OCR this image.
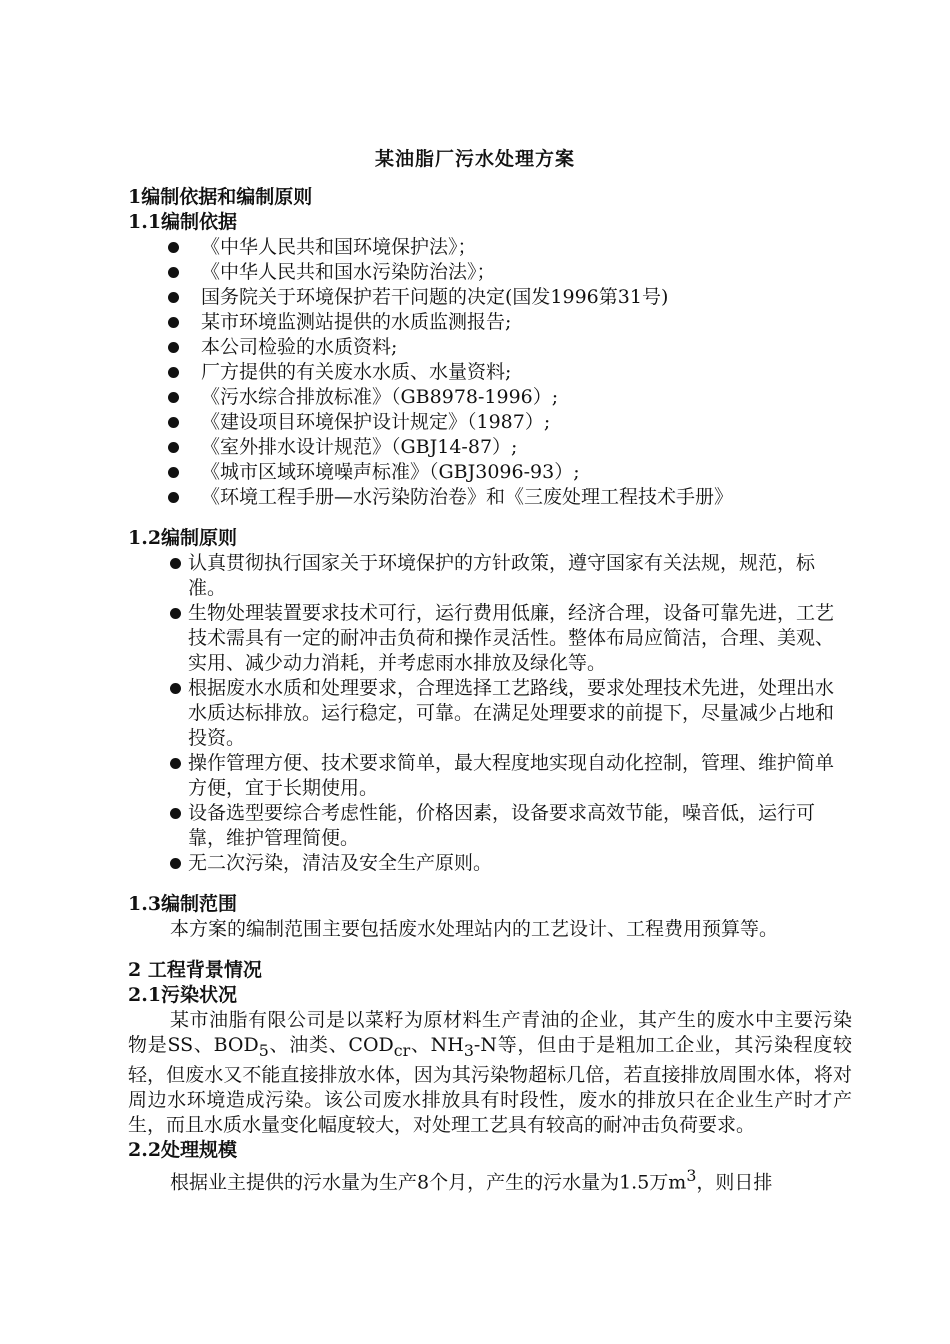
某油脂厂污水处理方案
1编制依据和编制原则
1.1编制依据
《中华人民共和国环境保护法》；
《中华人民共和国水污染防治法》；
国务院关于环境保护若干问题的决定(国发1996第31号)
某市环境监测站提供的水质监测报告;
本公司检验的水质资料;
厂方提供的有关废水水质、水量资料;
《污水综合排放标准》（GB8978-1996）;
《建设项目环境保护设计规定》（1987）;
《室外排水设计规范》（GBJ14-87）;
《城市区域环境噪声标准》（GBJ3096-93）;
《环境工程手册—水污染防治卷》和《三废处理工程技术手册》
1.2编制原则
认真贯彻执行国家关于环境保护的方针政策，遵守国家有关法规，规范，标准。
生物处理装置要求技术可行，运行费用低廉，经济合理，设备可靠先进，工艺技术需具有一定的耐冲击负荷和操作灵活性。整体布局应简洁，合理、美观、实用、减少动力消耗，并考虑雨水排放及绿化等。
根据废水水质和处理要求，合理选择工艺路线，要求处理技术先进，处理出水水质达标排放。运行稳定，可靠。在满足处理要求的前提下，尽量减少占地和投资。
操作管理方便、技术要求简单，最大程度地实现自动化控制，管理、维护简单方便，宜于长期使用。
设备选型要综合考虑性能，价格因素，设备要求高效节能，噪音低，运行可靠，维护管理简便。
无二次污染，清洁及安全生产原则。
1.3编制范围

本方案的编制范围主要包括废水处理站内的工艺设计、工程费用预算等。

2 工程背景情况
2.1污染状况

某市油脂有限公司是以菜籽为原材料生产青油的企业，其产生的废水中主要污染物是SS、$BOD_5$、油类、$COD_{cr}$、$NH_3-N$等，但由于是粗加工企业，其污染程度较轻，但废水又不能直接排放水体，因为其污染物超标几倍，若直接排放周围水体，将对周边水环境造成污染。该公司废水排放具有时段性，废水的排放只在企业生产时才产生，而且水质水量变化幅度较大，对处理工艺具有较高的耐冲击负荷要求。

2.2处理规模

根据业主提供的污水量为生产8个月，产生的污水量为1.5万$m^3$，则日排
